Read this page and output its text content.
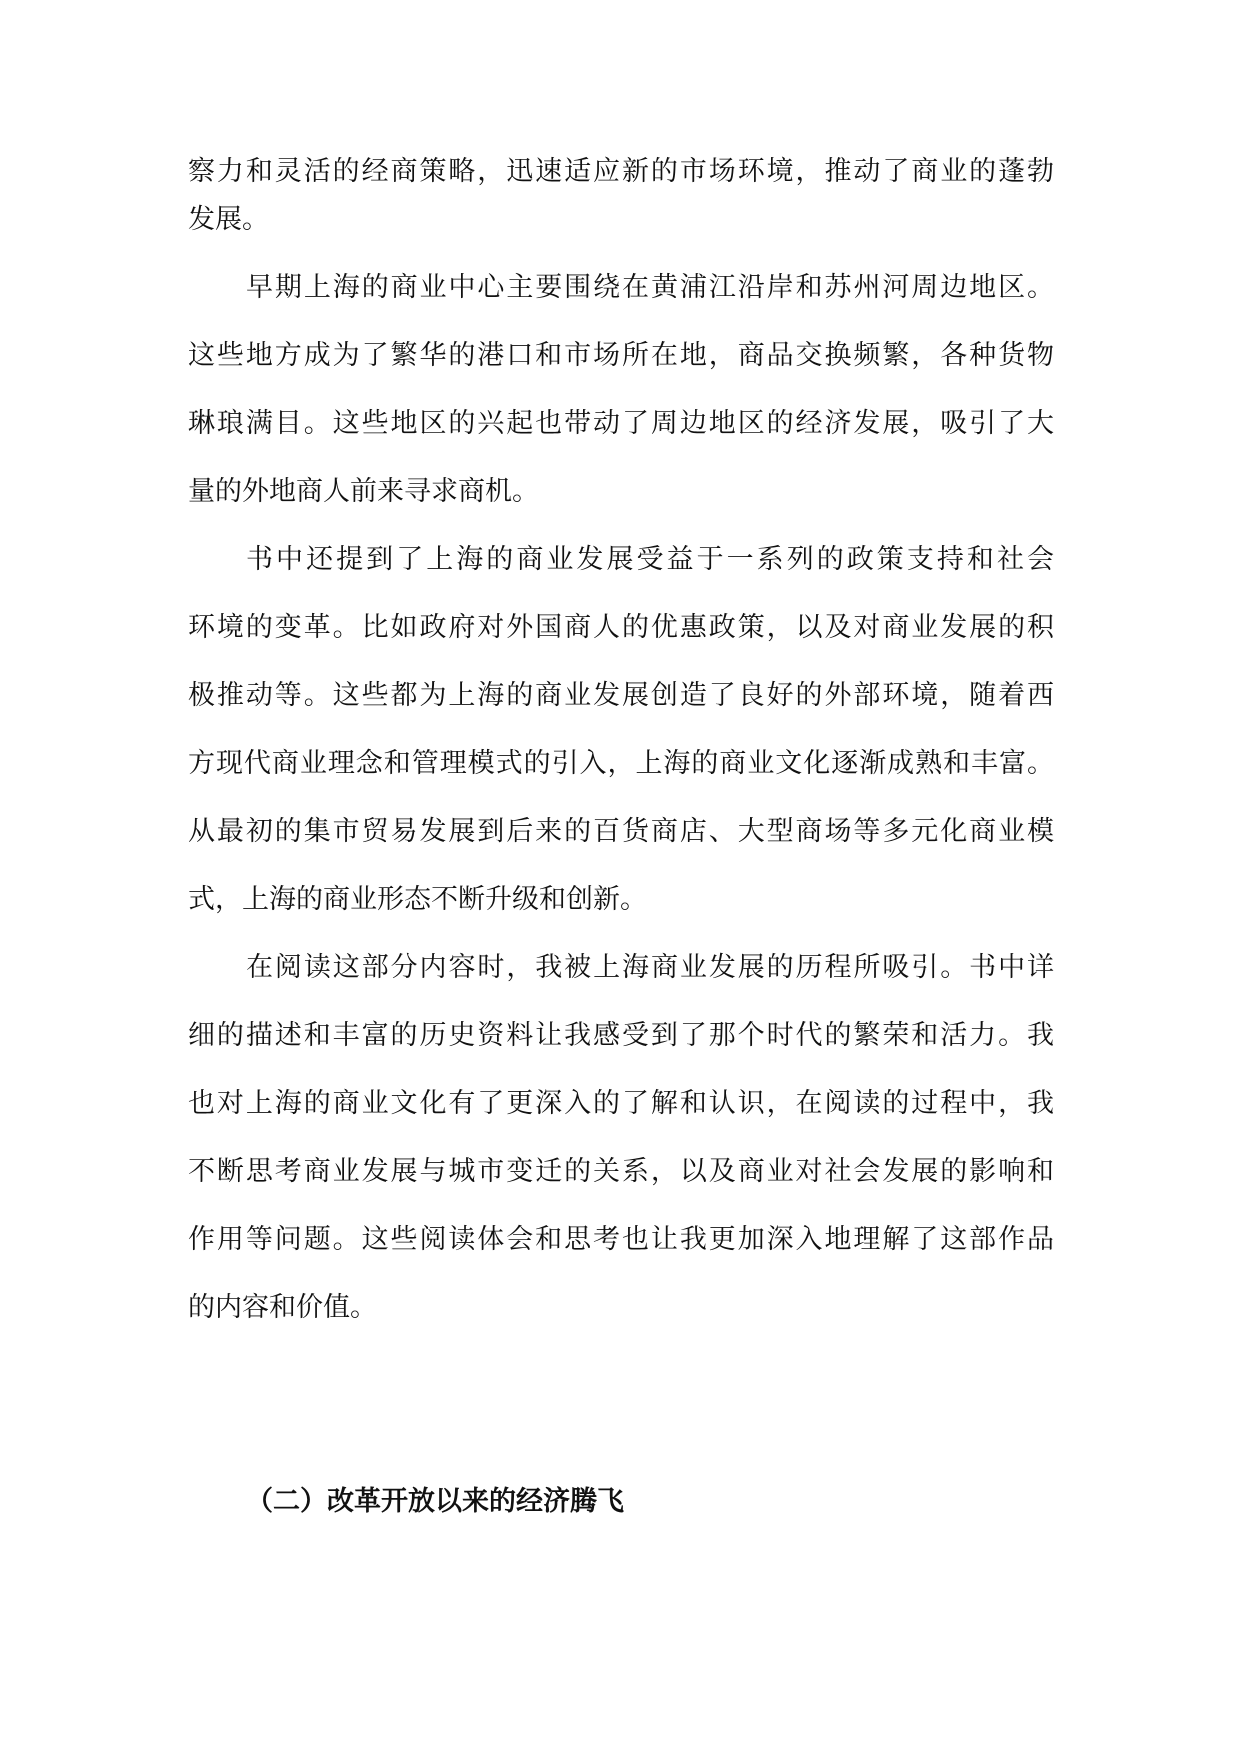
察力和灵活的经商策略，迅速适应新的市场环境，推动了商业的蓬勃
发展。
早期上海的商业中心主要围绕在黄浦江沿岸和苏州河周边地区。
这些地方成为了繁华的港口和市场所在地，商品交换频繁，各种货物
琳琅满目。这些地区的兴起也带动了周边地区的经济发展，吸引了大
量的外地商人前来寻求商机。
书中还提到了上海的商业发展受益于一系列的政策支持和社会
环境的变革。比如政府对外国商人的优惠政策，以及对商业发展的积
极推动等。这些都为上海的商业发展创造了良好的外部环境，随着西
方现代商业理念和管理模式的引入，上海的商业文化逐渐成熟和丰富。
从最初的集市贸易发展到后来的百货商店、大型商场等多元化商业模
式，上海的商业形态不断升级和创新。
在阅读这部分内容时，我被上海商业发展的历程所吸引。书中详
细的描述和丰富的历史资料让我感受到了那个时代的繁荣和活力。我
也对上海的商业文化有了更深入的了解和认识，在阅读的过程中，我
不断思考商业发展与城市变迁的关系，以及商业对社会发展的影响和
作用等问题。这些阅读体会和思考也让我更加深入地理解了这部作品
的内容和价值。
（二）改革开放以来的经济腾飞
